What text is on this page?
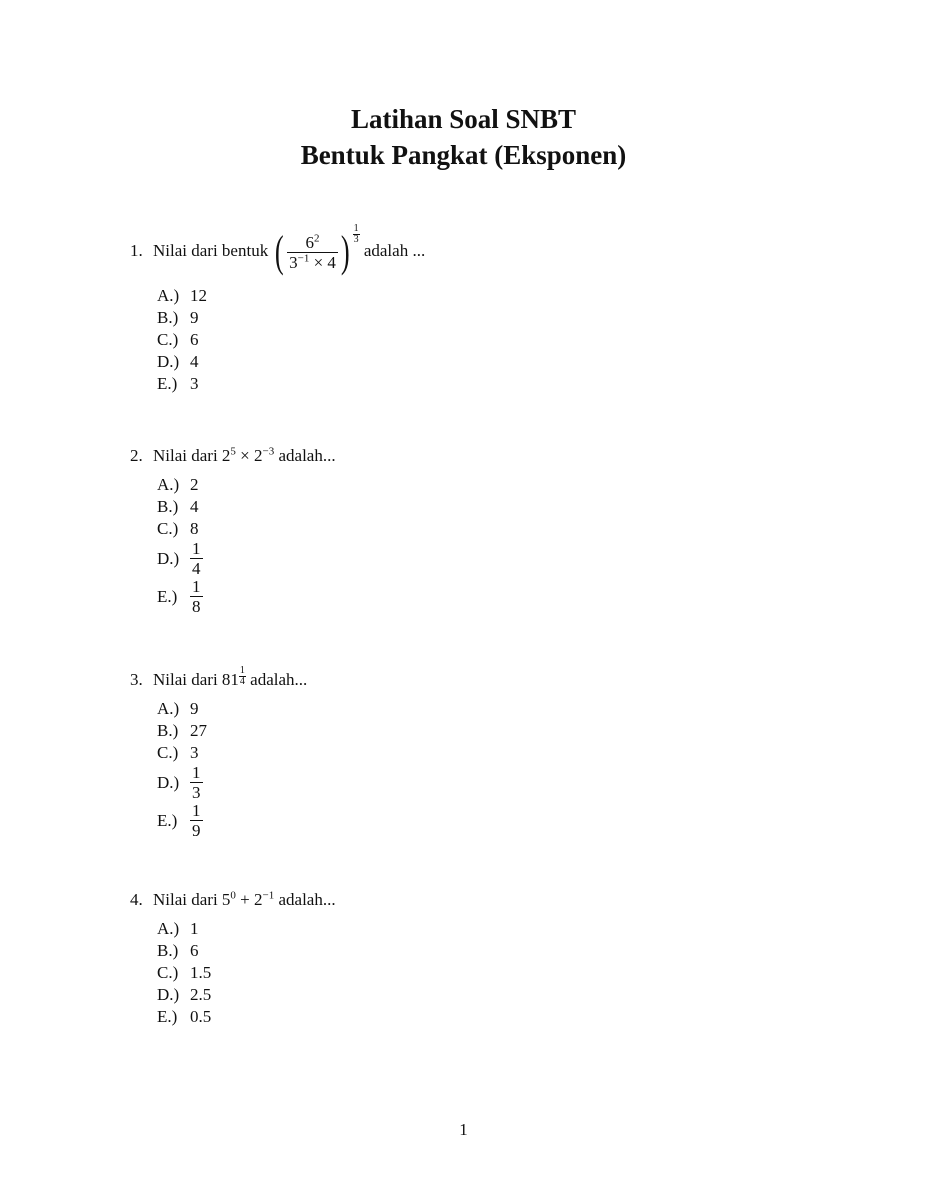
Latihan Soal SNBT
Bentuk Pangkat (Eksponen)
1. Nilai dari bentuk ( $\frac{6^2}{3^{-1} \times 4}$ ) $\frac{1}{3}$
adalah ...
A.) 12
B.) 9
C.) 6
D.) 4
E.) 3
2. Nilai dari $2^5 \times 2^{-3}$ adalah...
A.) 2
B.) 4
C.) 8
$D.) \frac{1}{4}$
$E.) \frac{1}{8}$
3. Nilai dari $81 \frac{1}{4}$ adalah...
A.) 9
B.) 27
C.) 3
$D.) \frac{1}{3}$
$E.) \frac{1}{9}$
4. Nilai dari $5^0 + 2^{-1}$ adalah...
A.) 1
B.) 6
C.) 1.5
D.) 2.5
E.) 0.5
1
